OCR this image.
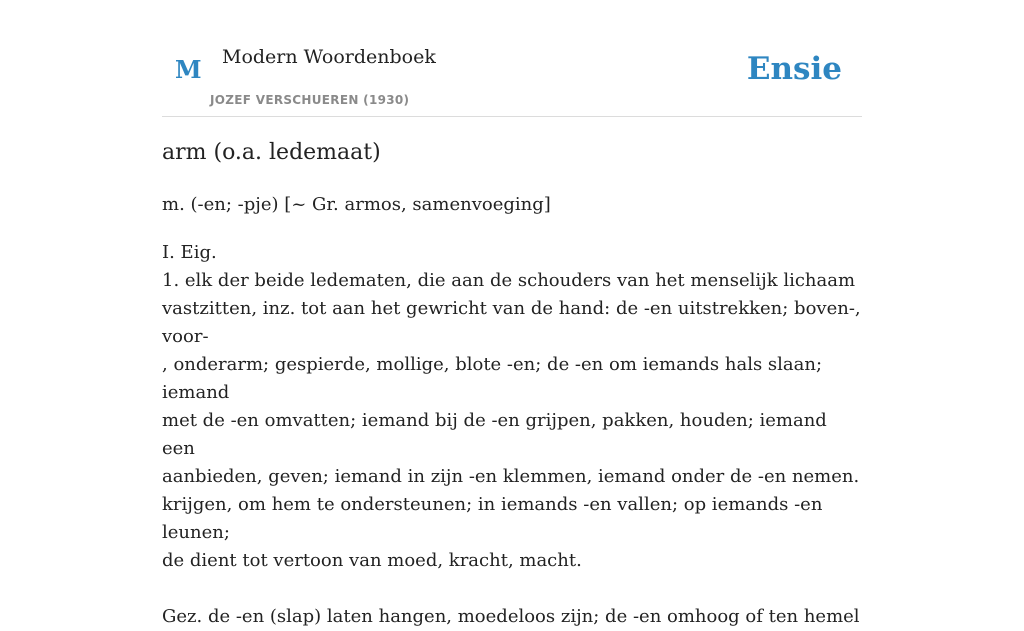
M Modern Woordenboek
JOZEF VERSCHUEREN (1930)
Ensie
arm (o.a. ledemaat)
m. (-en; -pje) [~ Gr. armos, samenvoeging]

I. Eig.

1. elk der beide ledematen, die aan de schouders van het menselijk lichaam

vastzitten, inz. tot aan het gewricht van de hand: de -en uitstrekken; boven-, voor-

, onderarm; gespierde, mollige, blote -en; de -en om iemands hals slaan; iemand

met de -en omvatten; iemand bij de -en grijpen, pakken, houden; iemand een

aanbieden, geven; iemand in zijn -en klemmen, iemand onder de -en nemen.

krijgen, om hem te ondersteunen; in iemands -en vallen; op iemands -en leunen;

de dient tot vertoon van moed, kracht, macht.

Gez. de -en (slap) laten hangen, moedeloos zijn; de -en omhoog of ten hemel
